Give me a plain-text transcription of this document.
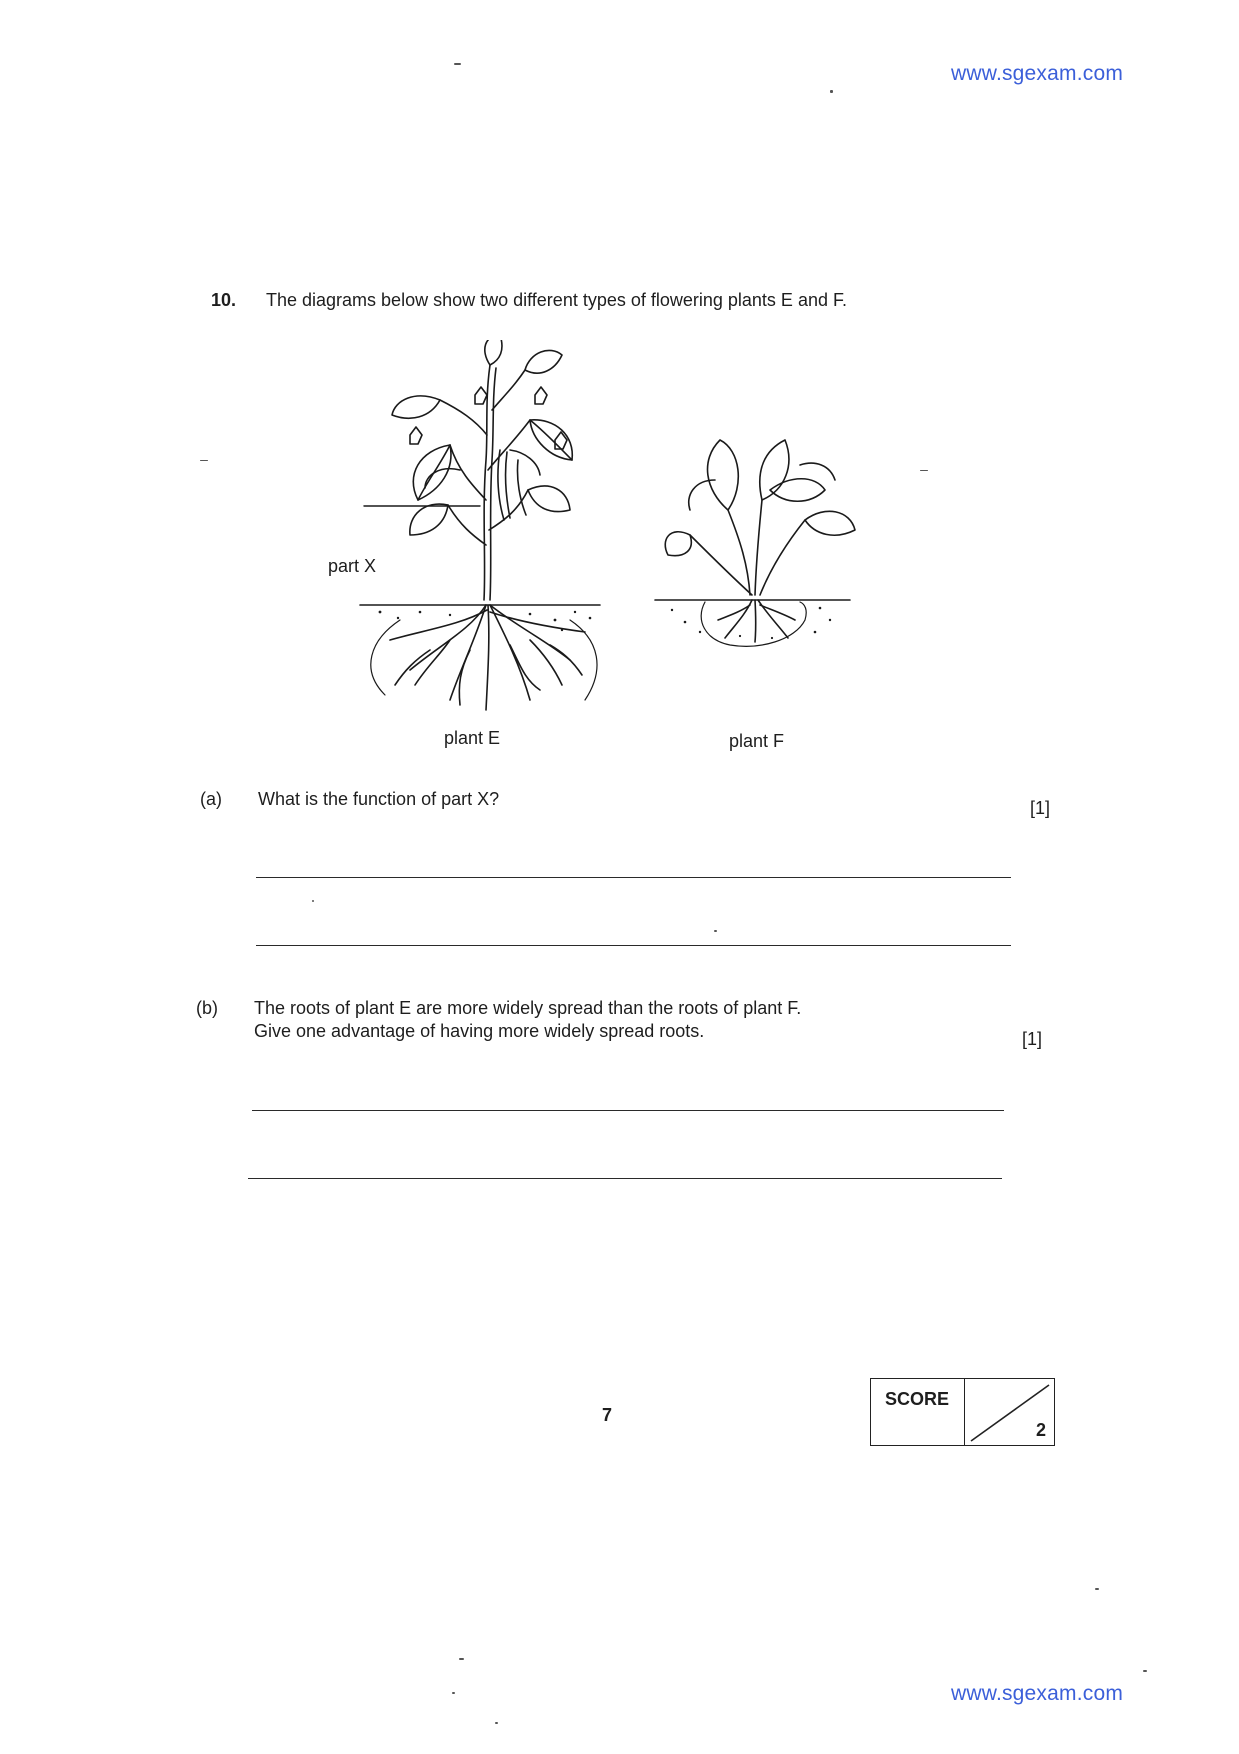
www.sgexam.com
10. The diagrams below show two different types of flowering plants E and F.
part X
plant E	plant F
(a) What is the function of part X?	[1]
(b) The roots of plant E are more widely spread than the roots of plant F.
Give one advantage of having more widely spread roots.	[1]
7
SCORE
2
www.sgexam.com
